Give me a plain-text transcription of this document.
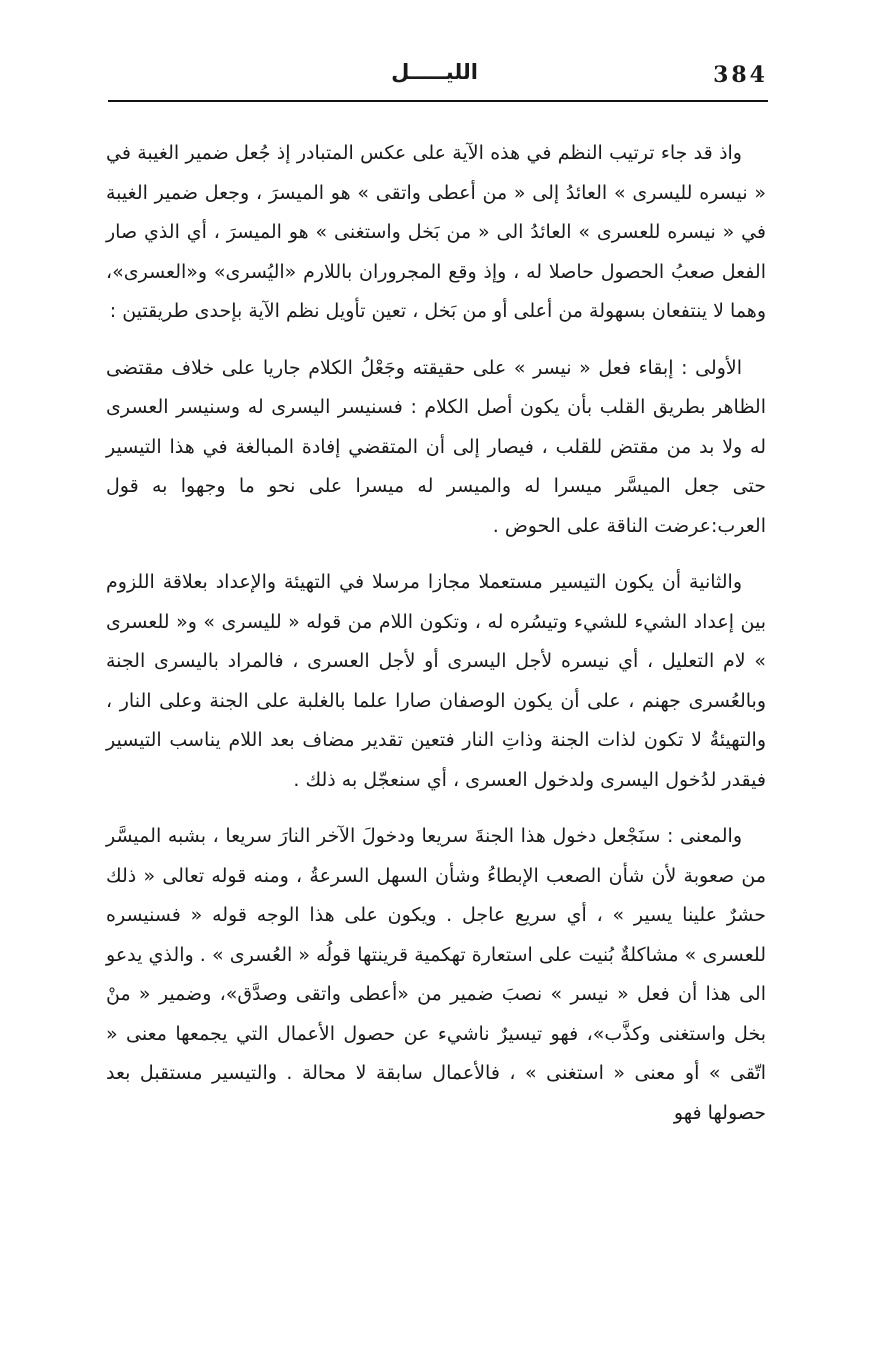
384
الليـــــل

واذ قد جاء ترتيب النظم في هذه الآية على عكس المتبادر إذ جُعل ضمير الغيبة في « نيسره لليسرى » العائدُ إلى « من أعطى واتقى » هو الميسرَ ، وجعل ضمير الغيبة في « نيسره للعسرى » العائدُ الى « من بَخل واستغنى » هو الميسرَ ، أي الذي صار الفعل صعبُ الحصول حاصلا له ، وإذ وقع المجروران باللارم «اليُسرى» و«العسرى»، وهما لا ينتفعان بسهولة من أعلى أو من بَخل ، تعين تأويل نظم الآية بإحدى طريقتين :

الأولى : إبقاء فعل « نيسر » على حقيقته وجَعْلُ الكلام جاريا على خلاف مقتضى الظاهر بطريق القلب بأن يكون أصل الكلام : فسنيسر اليسرى له وسنيسر العسرى له ولا بد من مقتض للقلب ، فيصار إلى أن المتقضي إفادة المبالغة في هذا التيسير حتى جعل الميسَّر ميسرا له والميسر له ميسرا على نحو ما وجهوا به قول العرب:عرضت الناقة على الحوض .

والثانية أن يكون التيسير مستعملا مجازا مرسلا في التهيئة والإعداد بعلاقة اللزوم بين إعداد الشيء للشيء وتيسُره له ، وتكون اللام من قوله « لليسرى » و« للعسرى » لام التعليل ، أي نيسره لأجل اليسرى أو لأجل العسرى ، فالمراد باليسرى الجنة وبالعُسرى جهنم ، على أن يكون الوصفان صارا علما بالغلبة على الجنة وعلى النار ، والتهيئةُ لا تكون لذات الجنة وذاتِ النار فتعين تقدير مضاف بعد اللام يناسب التيسير فيقدر لدُخول اليسرى ولدخول العسرى ، أي سنعجّل به ذلك .

والمعنى : سنَجْعل دخول هذا الجنةَ سريعا ودخولَ الآخر النارَ سريعا ، بشبه الميسَّر من صعوبة لأن شأن الصعب الإبطاءُ وشأن السهل السرعةُ ، ومنه قوله تعالى « ذلك حشرٌ علينا يسير » ، أي سريع عاجل . ويكون على هذا الوجه قوله « فسنيسره للعسرى » مشاكلةٌ بُنيت على استعارة تهكمية قرينتها قولُه « العُسرى » . والذي يدعو الى هذا أن فعل « نيسر » نصبَ ضمير من «أعطى واتقى وصدَّق»، وضمير « منْ بخل واستغنى وكذَّب»، فهو تيسيرٌ ناشيء عن حصول الأعمال التي يجمعها معنى « اتّقى » أو معنى « استغنى » ، فالأعمال سابقة لا محالة . والتيسير مستقبل بعد حصولها فهو
